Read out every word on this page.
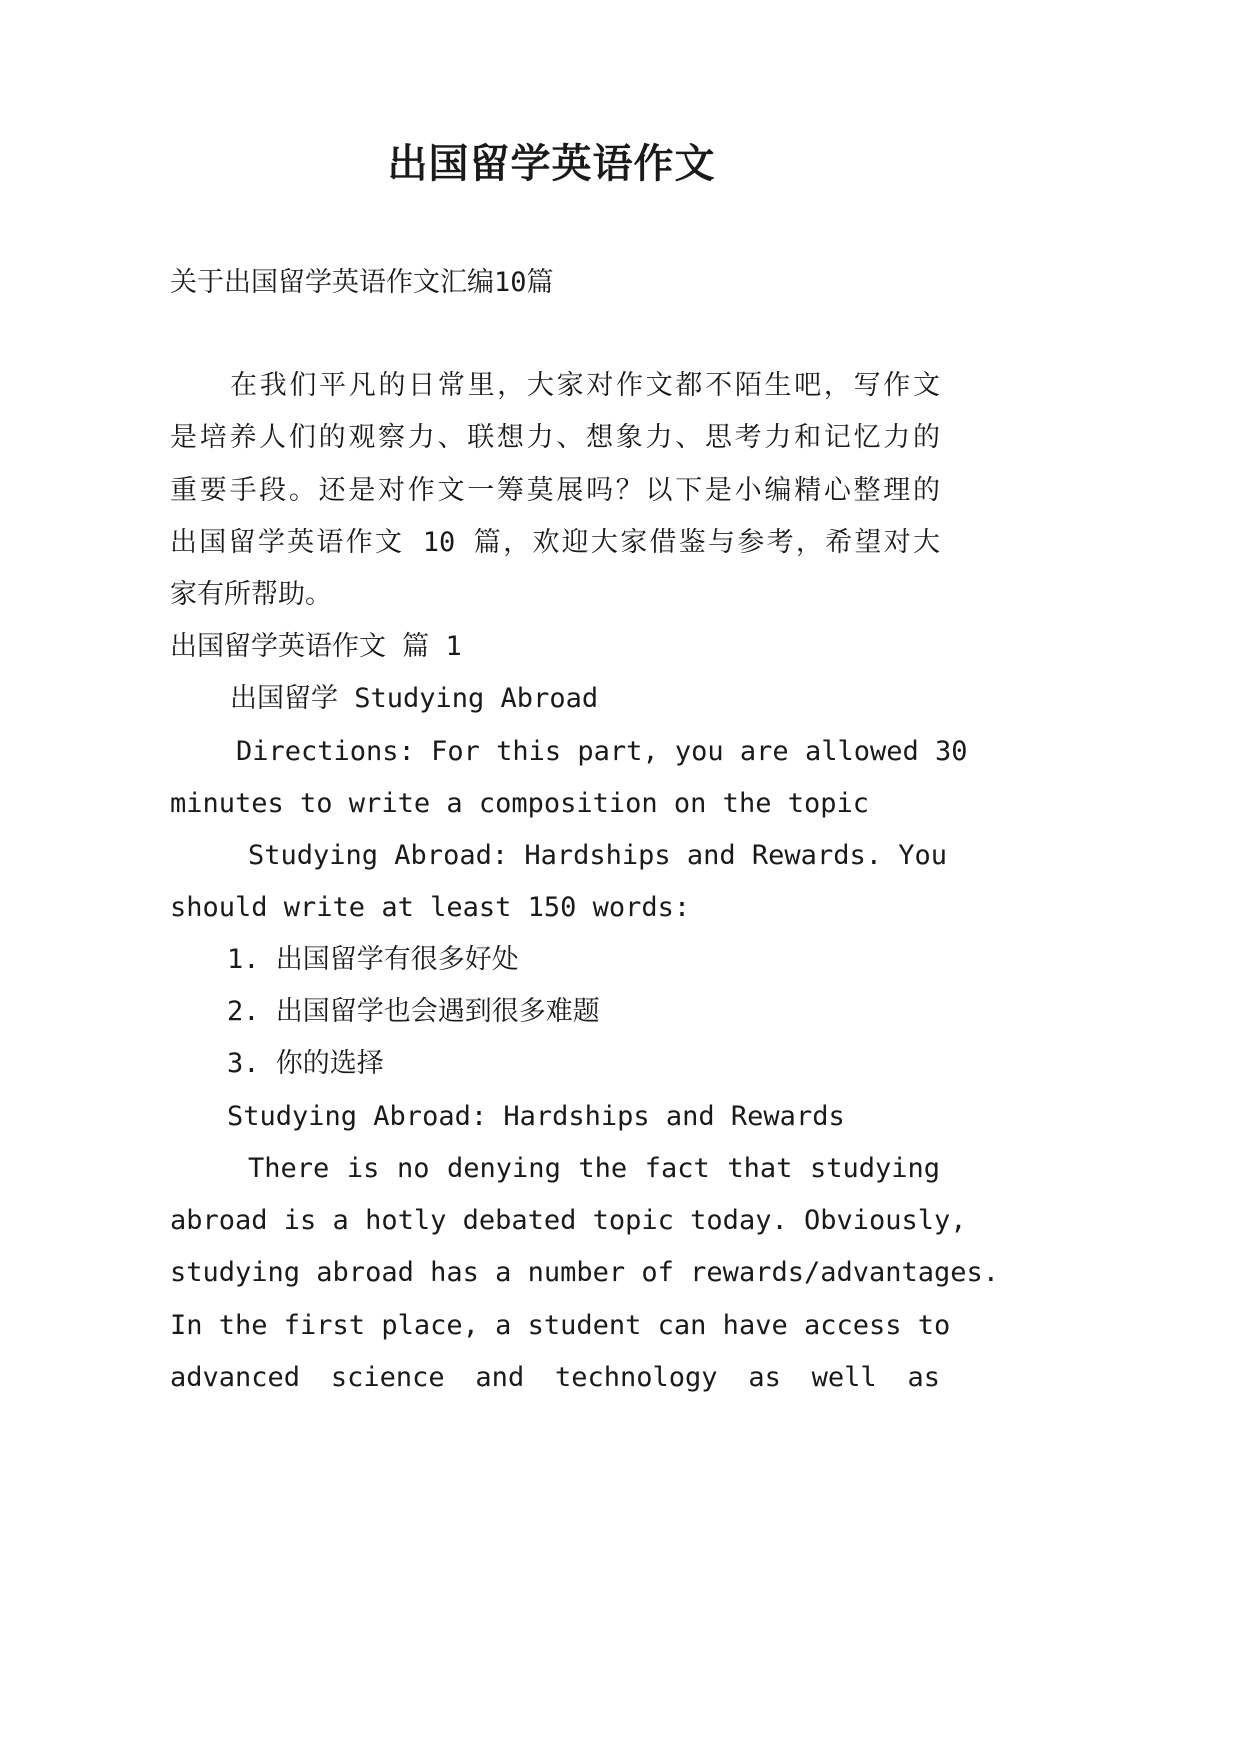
出国留学英语作文

关于出国留学英语作文汇编10篇

在我们平凡的日常里，大家对作文都不陌生吧，写作文

是培养人们的观察力、联想力、想象力、思考力和记忆力的

重要手段。还是对作文一筹莫展吗？以下是小编精心整理的

出国留学英语作文 10 篇，欢迎大家借鉴与参考，希望对大

家有所帮助。

出国留学英语作文 篇 1

出国留学 Studying Abroad

Directions: For this part, you are allowed 30

minutes to write a composition on the topic

Studying Abroad: Hardships and Rewards. You

should write at least 150 words:

1. 出国留学有很多好处

2. 出国留学也会遇到很多难题

3. 你的选择

Studying Abroad: Hardships and Rewards

There is no denying the fact that studying

abroad is a hotly debated topic today. Obviously,

studying abroad has a number of rewards/advantages.

In the first place, a student can have access to

advanced science and technology as well as
